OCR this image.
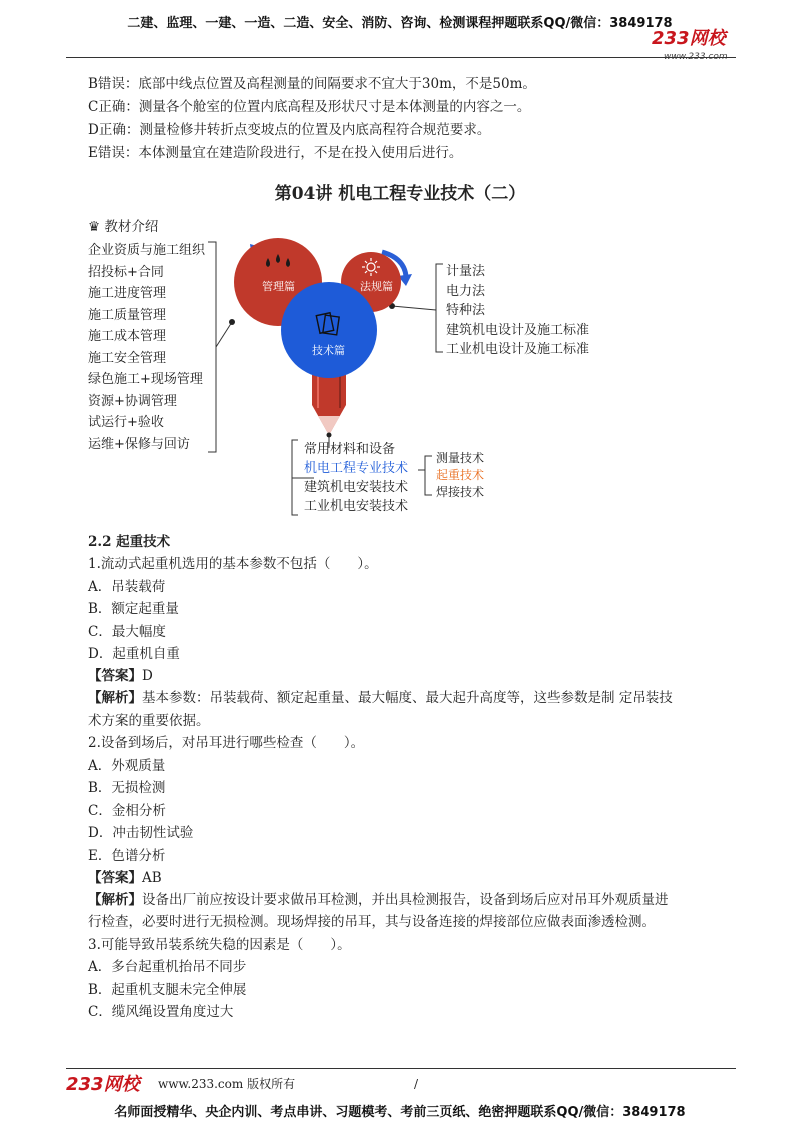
二建、监理、一建、一造、二造、安全、消防、咨询、检测课程押题联系QQ/微信：3849178
233网校
www.233.com
B错误：底部中线点位置及高程测量的间隔要求不宜大于30m，不是50m。
C正确：测量各个舱室的位置内底高程及形状尺寸是本体测量的内容之一。
D正确：测量检修井转折点变坡点的位置及内底高程符合规范要求。
E错误：本体测量宜在建造阶段进行，不是在投入使用后进行。
第04讲 机电工程专业技术（二）
♛ 教材介绍
企业资质与施工组织
招投标+合同
施工进度管理
施工质量管理
施工成本管理
施工安全管理
绿色施工+现场管理
资源+协调管理
试运行+验收
运维+保修与回访
计量法
电力法
特种法
建筑机电设计及施工标准
工业机电设计及施工标准
管理篇	法规篇
技术篇
常用材料和设备
机电工程专业技术
建筑机电安装技术
工业机电安装技术
测量技术
起重技术
焊接技术
2.2 起重技术
1.流动式起重机选用的基本参数不包括（　　）。
A．吊装载荷
B．额定起重量
C．最大幅度
D．起重机自重
【答案】D
【解析】基本参数：吊装载荷、额定起重量、最大幅度、最大起升高度等，这些参数是制 定吊装技
术方案的重要依据。
2.设备到场后，对吊耳进行哪些检查（　　）。
A．外观质量
B．无损检测
C．金相分析
D．冲击韧性试验
E．色谱分析
【答案】AB
【解析】设备出厂前应按设计要求做吊耳检测，并出具检测报告，设备到场后应对吊耳外观质量进
行检查，必要时进行无损检测。现场焊接的吊耳，其与设备连接的焊接部位应做表面渗透检测。
3.可能导致吊装系统失稳的因素是（　　）。
A．多台起重机抬吊不同步
B．起重机支腿未完全伸展
C．缆风绳设置角度过大
233网校 www.233.com 版权所有	/
名师面授精华、央企内训、考点串讲、习题模考、考前三页纸、绝密押题联系QQ/微信：3849178
